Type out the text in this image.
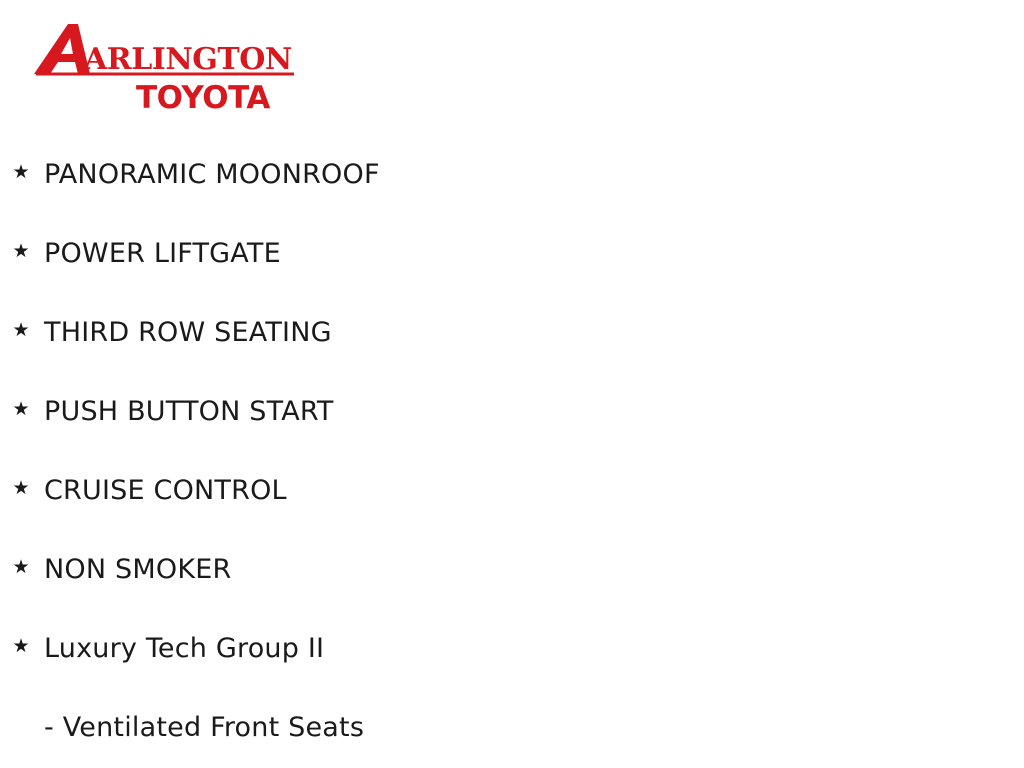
ARLINGTON
TOYOTA
★ PANORAMIC MOONROOF
★ POWER LIFTGATE
★ THIRD ROW SEATING
★ PUSH BUTTON START
★ CRUISE CONTROL
★ NON SMOKER
★ Luxury Tech Group II
- Ventilated Front Seats
